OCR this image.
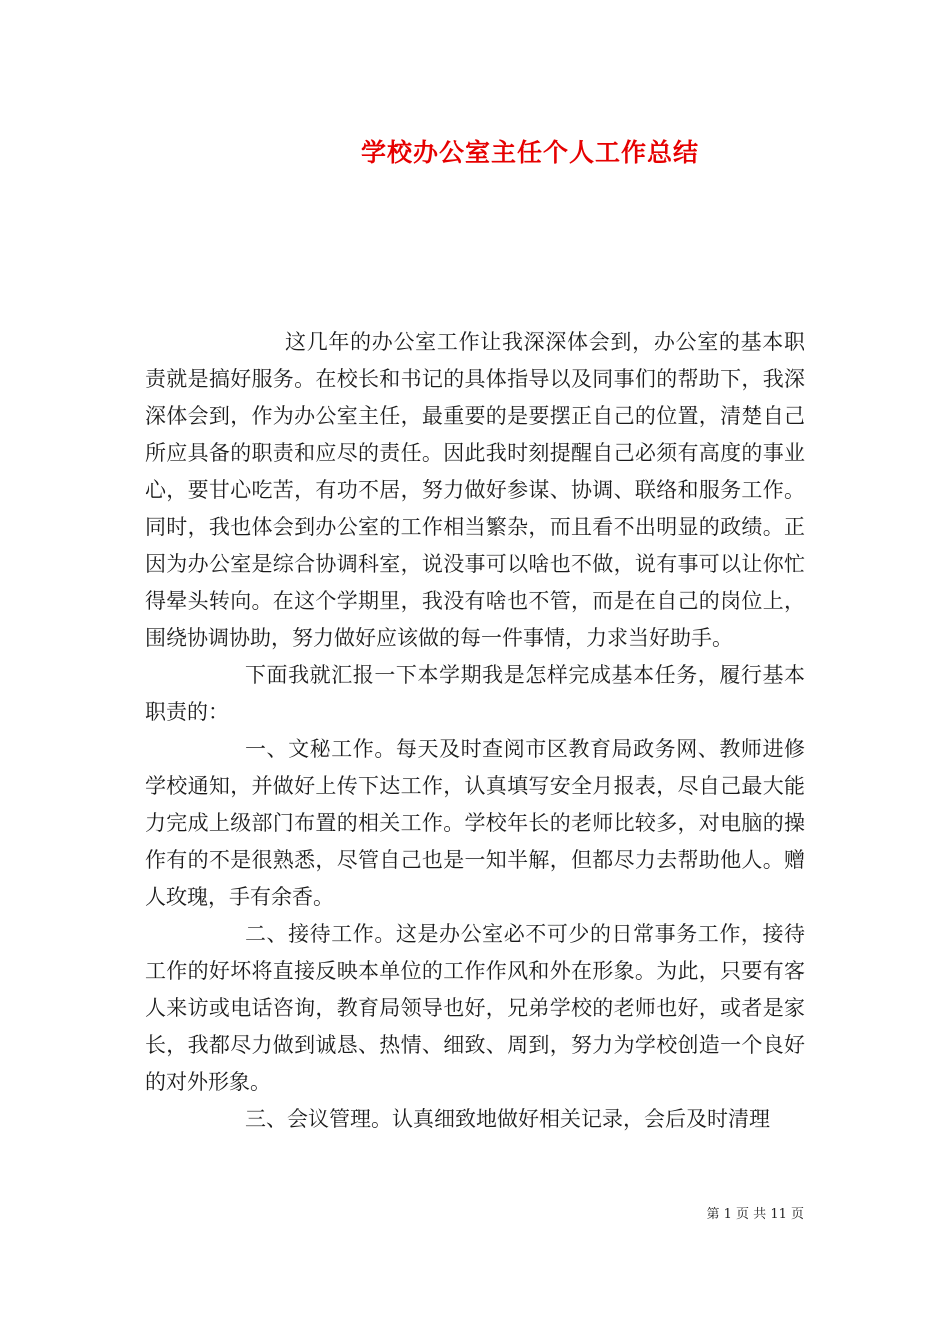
学校办公室主任个人工作总结

这几年的办公室工作让我深深体会到，办公室的基本职责就是搞好服务。在校长和书记的具体指导以及同事们的帮助下，我深深体会到，作为办公室主任，最重要的是要摆正自己的位置，清楚自己所应具备的职责和应尽的责任。因此我时刻提醒自己必须有高度的事业心，要甘心吃苦，有功不居，努力做好参谋、协调、联络和服务工作。同时，我也体会到办公室的工作相当繁杂，而且看不出明显的政绩。正因为办公室是综合协调科室，说没事可以啥也不做，说有事可以让你忙得晕头转向。在这个学期里，我没有啥也不管，而是在自己的岗位上，围绕协调协助，努力做好应该做的每一件事情，力求当好助手。

下面我就汇报一下本学期我是怎样完成基本任务，履行基本职责的：

一、文秘工作。每天及时查阅市区教育局政务网、教师进修学校通知，并做好上传下达工作，认真填写安全月报表，尽自己最大能力完成上级部门布置的相关工作。学校年长的老师比较多，对电脑的操作有的不是很熟悉，尽管自己也是一知半解，但都尽力去帮助他人。赠人玫瑰，手有余香。

二、接待工作。这是办公室必不可少的日常事务工作，接待工作的好坏将直接反映本单位的工作作风和外在形象。为此，只要有客人来访或电话咨询，教育局领导也好，兄弟学校的老师也好，或者是家长，我都尽力做到诚恳、热情、细致、周到，努力为学校创造一个良好的对外形象。

三、会议管理。认真细致地做好相关记录，会后及时清理

第 1 页 共 11 页
